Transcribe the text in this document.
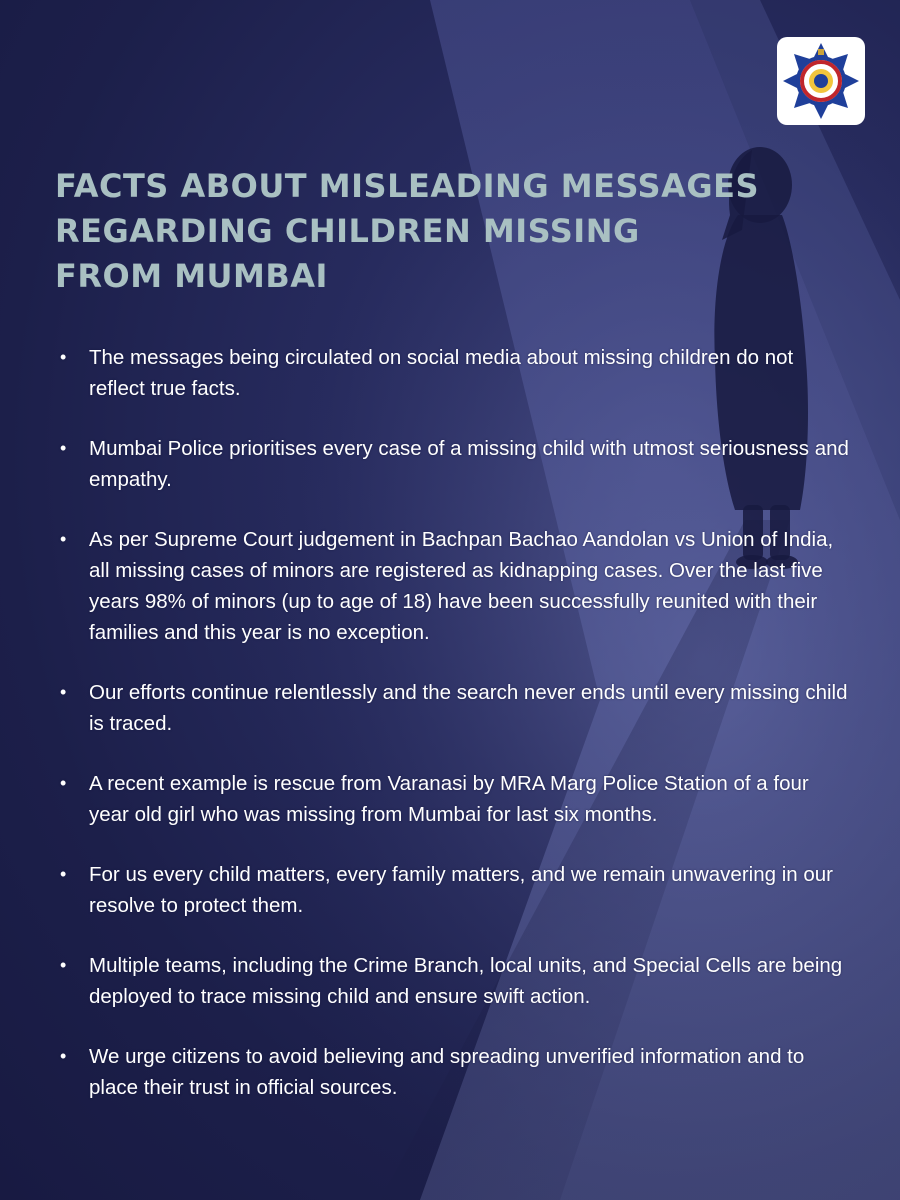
FACTS ABOUT MISLEADING MESSAGES
REGARDING CHILDREN MISSING
FROM MUMBAI
• The messages being circulated on social media about missing children do not reflect true facts.
• Mumbai Police prioritises every case of a missing child with utmost seriousness and empathy.
• As per Supreme Court judgement in Bachpan Bachao Aandolan vs Union of India, all missing cases of minors are registered as kidnapping cases. Over the last five years 98% of minors (up to age of 18) have been successfully reunited with their families and this year is no exception.
• Our efforts continue relentlessly and the search never ends until every missing child is traced.
• A recent example is rescue from Varanasi by MRA Marg Police Station of a four year old girl who was missing from Mumbai for last six months.
• For us every child matters, every family matters, and we remain unwavering in our resolve to protect them.
• Multiple teams, including the Crime Branch, local units, and Special Cells are being deployed to trace missing child and ensure swift action.
• We urge citizens to avoid believing and spreading unverified information and to place their trust in official sources.
